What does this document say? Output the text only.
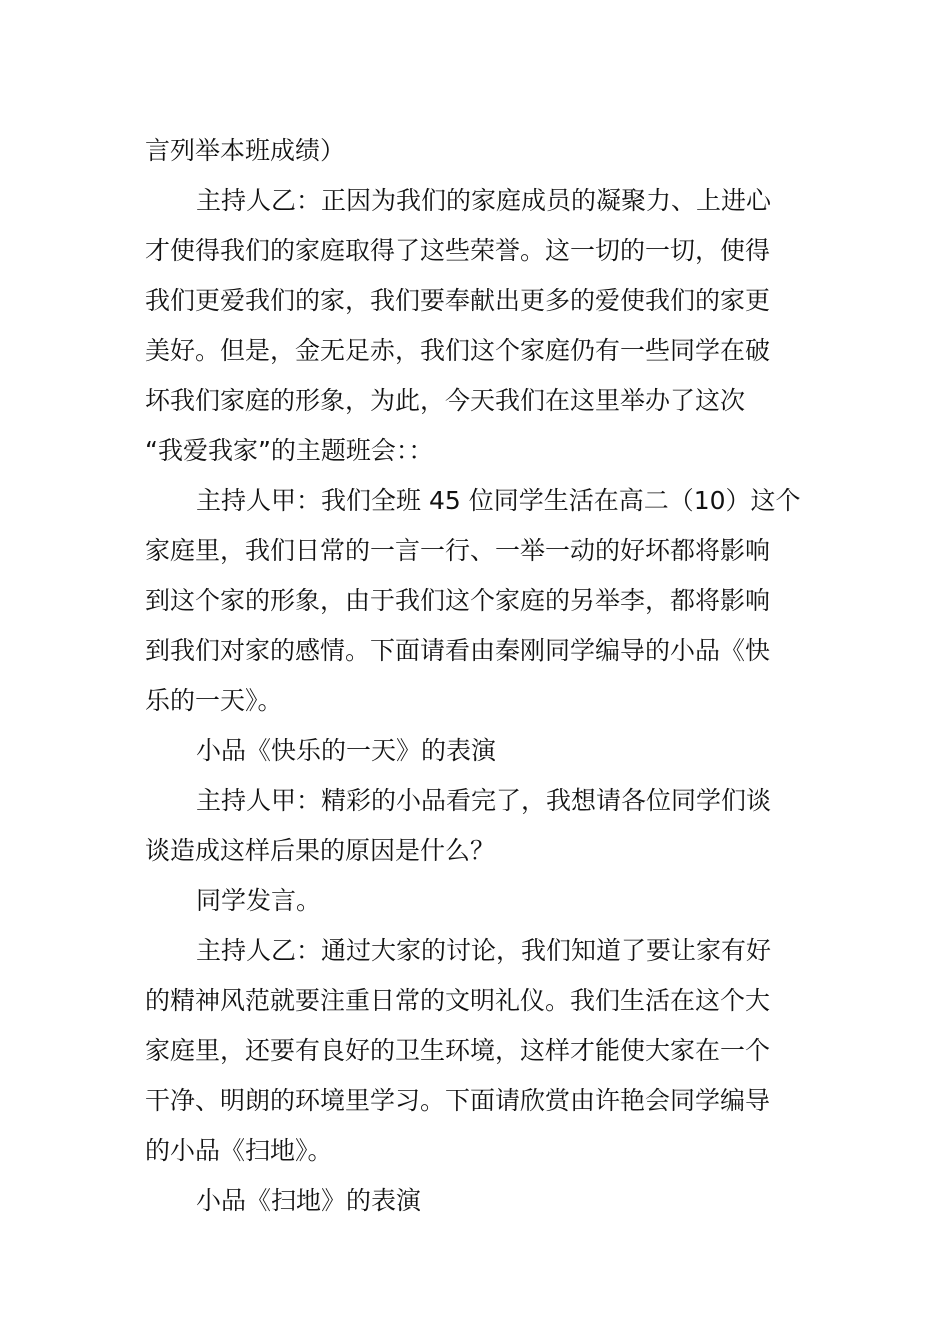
言列举本班成绩）
主持人乙：正因为我们的家庭成员的凝聚力、上进心
才使得我们的家庭取得了这些荣誉。这一切的一切，使得
我们更爱我们的家，我们要奉献出更多的爱使我们的家更
美好。但是，金无足赤，我们这个家庭仍有一些同学在破
坏我们家庭的形象，为此，今天我们在这里举办了这次
“我爱我家”的主题班会：：
主持人甲：我们全班 45 位同学生活在高二（10）这个
家庭里，我们日常的一言一行、一举一动的好坏都将影响
到这个家的形象，由于我们这个家庭的另举李，都将影响
到我们对家的感情。下面请看由秦刚同学编导的小品《快
乐的一天》。
小品《快乐的一天》的表演
主持人甲：精彩的小品看完了，我想请各位同学们谈
谈造成这样后果的原因是什么？
同学发言。
主持人乙：通过大家的讨论，我们知道了要让家有好
的精神风范就要注重日常的文明礼仪。我们生活在这个大
家庭里，还要有良好的卫生环境，这样才能使大家在一个
干净、明朗的环境里学习。下面请欣赏由许艳会同学编导
的小品《扫地》。
小品《扫地》的表演
